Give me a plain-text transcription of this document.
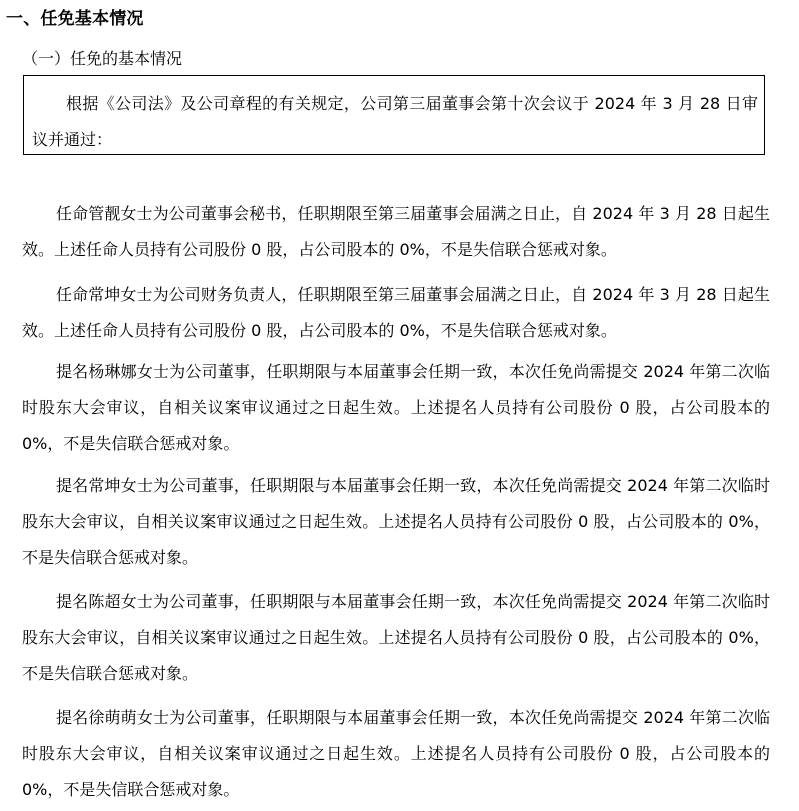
一、任免基本情况
（一）任免的基本情况
根据《公司法》及公司章程的有关规定，公司第三届董事会第十次会议于 2024 年 3 月 28 日审议并通过：
任命管靓女士为公司董事会秘书，任职期限至第三届董事会届满之日止，自 2024 年 3 月 28 日起生效。上述任命人员持有公司股份 0 股，占公司股本的 0%，不是失信联合惩戒对象。
任命常坤女士为公司财务负责人，任职期限至第三届董事会届满之日止，自 2024 年 3 月 28 日起生效。上述任命人员持有公司股份 0 股，占公司股本的 0%，不是失信联合惩戒对象。
提名杨琳娜女士为公司董事，任职期限与本届董事会任期一致，本次任免尚需提交 2024 年第二次临时股东大会审议，自相关议案审议通过之日起生效。上述提名人员持有公司股份 0 股，占公司股本的 0%，不是失信联合惩戒对象。
提名常坤女士为公司董事，任职期限与本届董事会任期一致，本次任免尚需提交 2024 年第二次临时股东大会审议，自相关议案审议通过之日起生效。上述提名人员持有公司股份 0 股，占公司股本的 0%，不是失信联合惩戒对象。
提名陈超女士为公司董事，任职期限与本届董事会任期一致，本次任免尚需提交 2024 年第二次临时股东大会审议，自相关议案审议通过之日起生效。上述提名人员持有公司股份 0 股，占公司股本的 0%，不是失信联合惩戒对象。
提名徐萌萌女士为公司董事，任职期限与本届董事会任期一致，本次任免尚需提交 2024 年第二次临时股东大会审议，自相关议案审议通过之日起生效。上述提名人员持有公司股份 0 股，占公司股本的 0%，不是失信联合惩戒对象。
